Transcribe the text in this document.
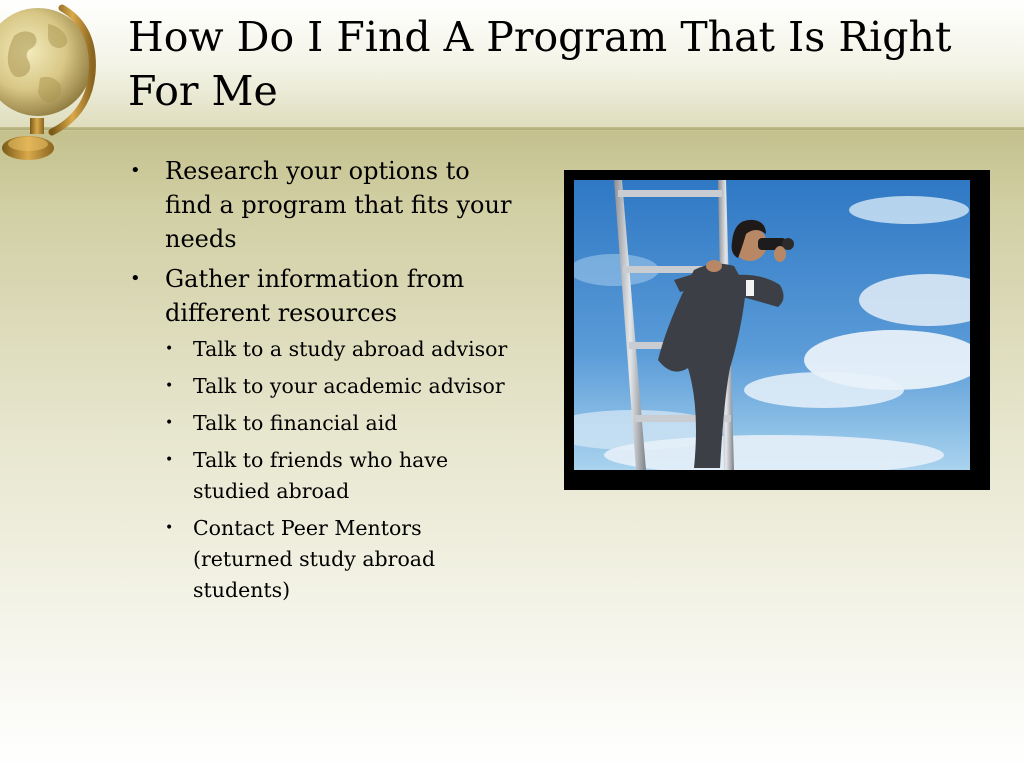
How Do I Find A Program That Is Right For Me
• Research your options to find a program that fits your needs
• Gather information from different resources
• Talk to a study abroad advisor
• Talk to your academic advisor
• Talk to financial aid
• Talk to friends who have studied abroad
• Contact Peer Mentors (returned study abroad students)
